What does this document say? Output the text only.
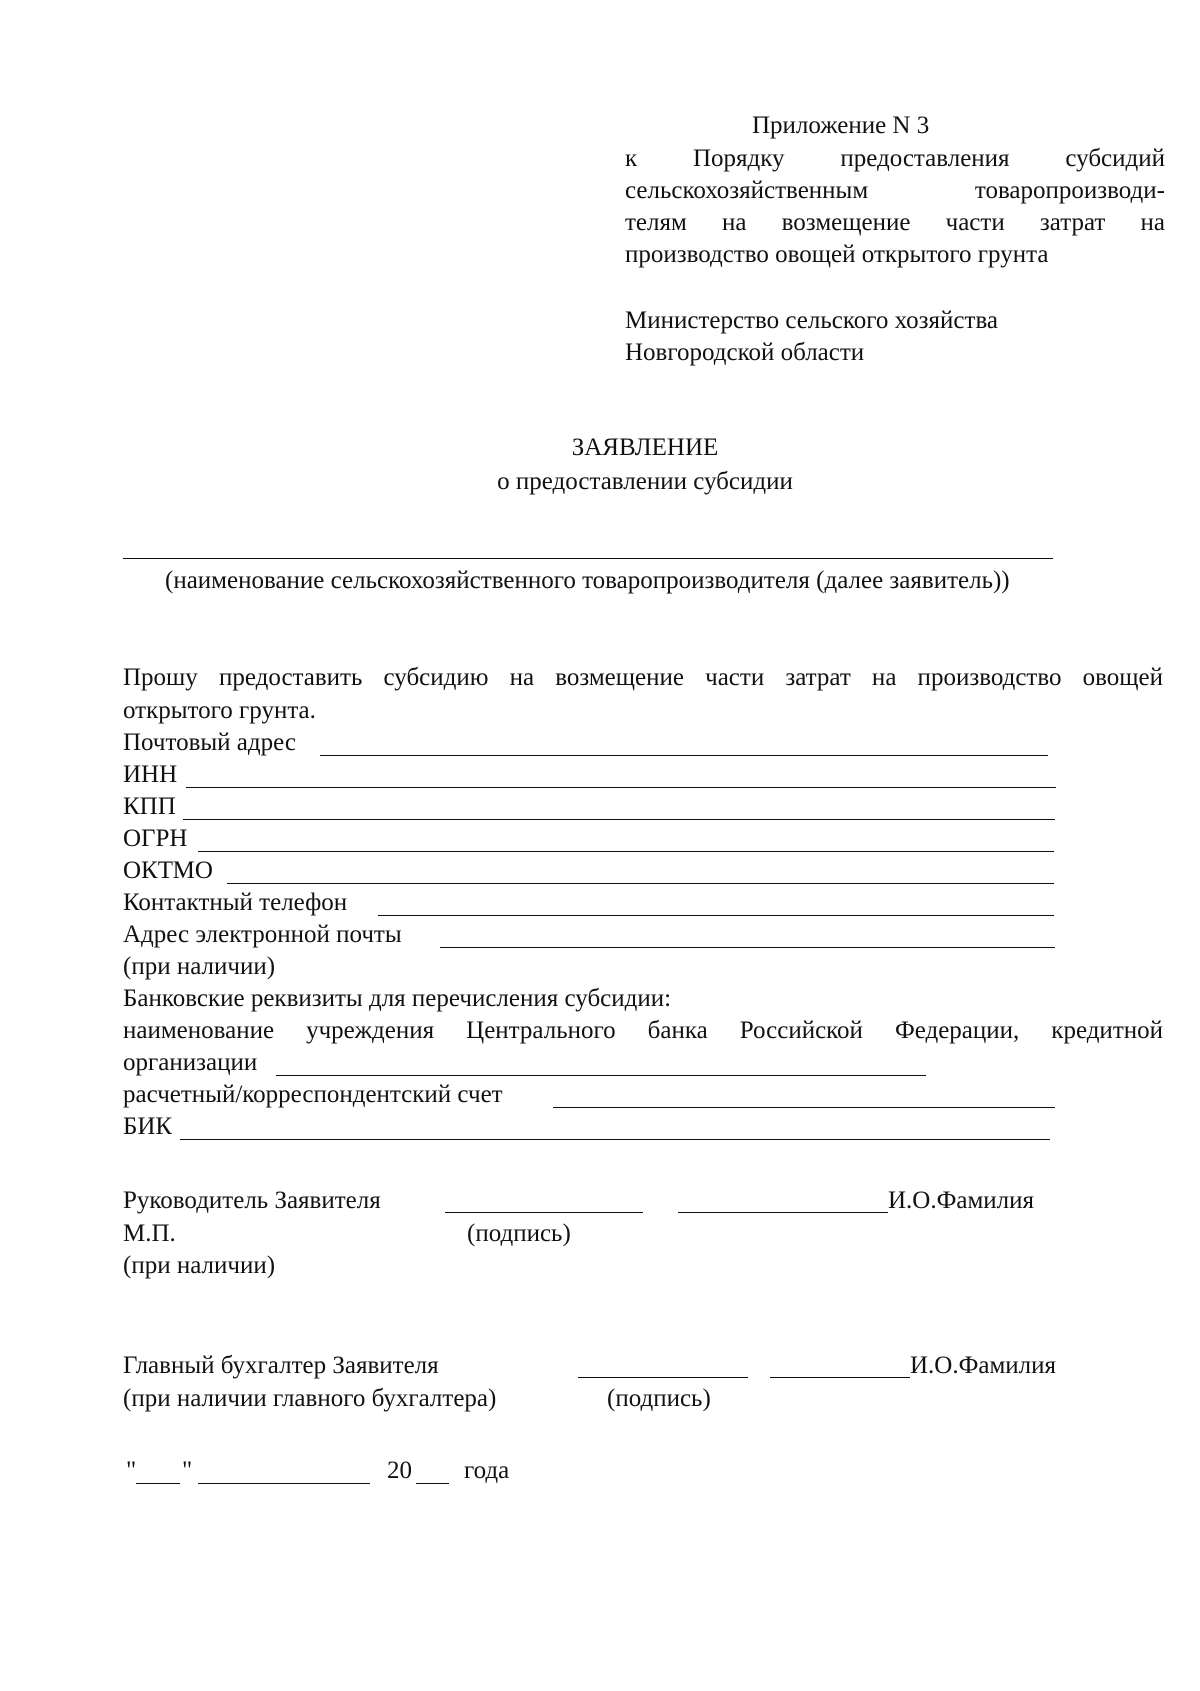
Приложение N 3
к Порядку предоставления субсидий
сельскохозяйственным товаропроизводи-
телям на возмещение части затрат на
производство овощей открытого грунта
Министерство сельского хозяйства
Новгородской области
ЗАЯВЛЕНИЕ
о предоставлении субсидии
(наименование сельскохозяйственного товаропроизводителя (далее заявитель))
Прошу предоставить субсидию на возмещение части затрат на производство овощей
открытого грунта.
Почтовый адрес
ИНН
КПП
ОГРН
ОКТМО
Контактный телефон
Адрес электронной почты
(при наличии)
Банковские реквизиты для перечисления субсидии:
наименование учреждения Центрального банка Российской Федерации, кредитной
организации
расчетный/корреспондентский счет
БИК
Руководитель Заявителя	И.О.Фамилия
М.П.	(подпись)
(при наличии)
Главный бухгалтер Заявителя	И.О.Фамилия
(при наличии главного бухгалтера)	(подпись)
" "	20 года
